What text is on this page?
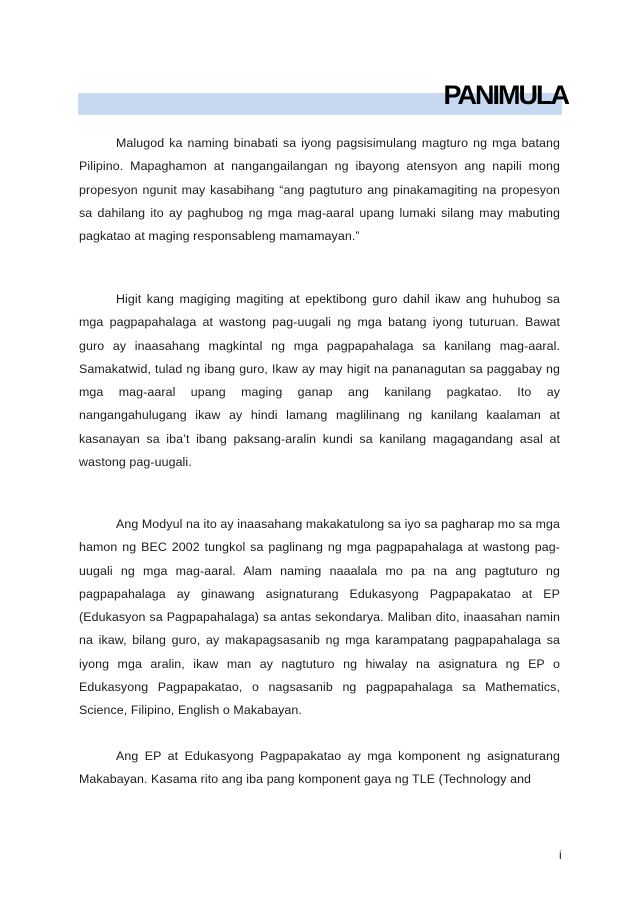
PANIMULA

Malugod ka naming binabati sa iyong pagsisimulang magturo ng mga batang Pilipino. Mapaghamon at nangangailangan ng ibayong atensyon ang napili mong propesyon ngunit may kasabihang “ang pagtuturo ang pinakamagiting na propesyon sa dahilang ito ay paghubog ng mga mag-aaral upang lumaki silang may mabuting pagkatao at maging responsableng mamamayan.”

Higit kang magiging magiting at epektibong guro dahil ikaw ang huhubog sa mga pagpapahalaga at wastong pag-uugali ng mga batang iyong tuturuan. Bawat guro ay inaasahang magkintal ng mga pagpapahalaga sa kanilang mag-aaral. Samakatwid, tulad ng ibang guro, Ikaw ay may higit na pananagutan sa paggabay ng mga mag-aaral upang maging ganap ang kanilang pagkatao. Ito ay nangangahulugang ikaw ay hindi lamang maglilinang ng kanilang kaalaman at kasanayan sa iba’t ibang paksang-aralin kundi sa kanilang magagandang asal at wastong pag-uugali.

Ang Modyul na ito ay inaasahang makakatulong sa iyo sa pagharap mo sa mga hamon ng BEC 2002 tungkol sa paglinang ng mga pagpapahalaga at wastong pag-uugali ng mga mag-aaral. Alam naming naaalala mo pa na ang pagtuturo ng pagpapahalaga ay ginawang asignaturang Edukasyong Pagpapakatao at EP (Edukasyon sa Pagpapahalaga) sa antas sekondarya. Maliban dito, inaasahan namin na ikaw, bilang guro, ay makapagsasanib ng mga karampatang pagpapahalaga sa iyong mga aralin, ikaw man ay nagtuturo ng hiwalay na asignatura ng EP o Edukasyong Pagpapakatao, o nagsasanib ng pagpapahalaga sa Mathematics, Science, Filipino, English o Makabayan.

Ang EP at Edukasyong Pagpapakatao ay mga komponent ng asignaturang Makabayan. Kasama rito ang iba pang komponent gaya ng TLE (Technology and

i
